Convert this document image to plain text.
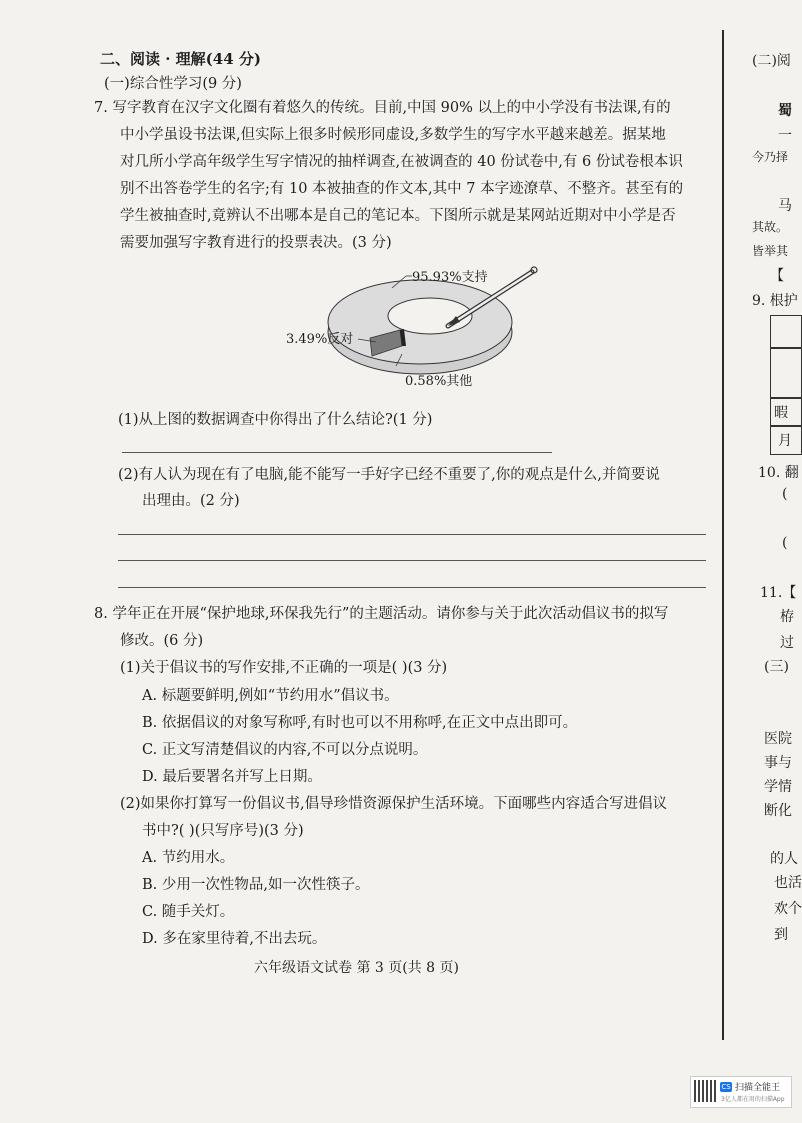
二、阅读 · 理解(44 分)
(一)综合性学习(9 分)
7. 写字教育在汉字文化圈有着悠久的传统。目前,中国 90% 以上的中小学没有书法课,有的
中小学虽设书法课,但实际上很多时候形同虚设,多数学生的写字水平越来越差。据某地
对几所小学高年级学生写字情况的抽样调查,在被调查的 40 份试卷中,有 6 份试卷根本识
别不出答卷学生的名字;有 10 本被抽查的作文本,其中 7 本字迹潦草、不整齐。甚至有的
学生被抽查时,竟辨认不出哪本是自己的笔记本。下图所示就是某网站近期对中小学是否
需要加强写字教育进行的投票表决。(3 分)
95.93%支持
3.49%反对
0.58%其他
(1)从上图的数据调查中你得出了什么结论?(1 分)
(2)有人认为现在有了电脑,能不能写一手好字已经不重要了,你的观点是什么,并简要说
出理由。(2 分)
8. 学年正在开展“保护地球,环保我先行”的主题活动。请你参与关于此次活动倡议书的拟写
修改。(6 分)
(1)关于倡议书的写作安排,不正确的一项是( )(3 分)
A. 标题要鲜明,例如“节约用水”倡议书。
B. 依据倡议的对象写称呼,有时也可以不用称呼,在正文中点出即可。
C. 正文写清楚倡议的内容,不可以分点说明。
D. 最后要署名并写上日期。
(2)如果你打算写一份倡议书,倡导珍惜资源保护生活环境。下面哪些内容适合写进倡议
书中?( )(只写序号)(3 分)
A. 节约用水。
B. 少用一次性物品,如一次性筷子。
C. 随手关灯。
D. 多在家里待着,不出去玩。
六年级语文试卷 第 3 页(共 8 页)
(二)阅
蜀
一
今乃择
马
其故。
皆举其
【
9. 根护
暇
月
10. 翻
(
(
11.【
栫
过
(三)
医院
事与
学情
断化
的人
也活
欢个
到
CS 扫描全能王
3亿人都在用的扫描App
